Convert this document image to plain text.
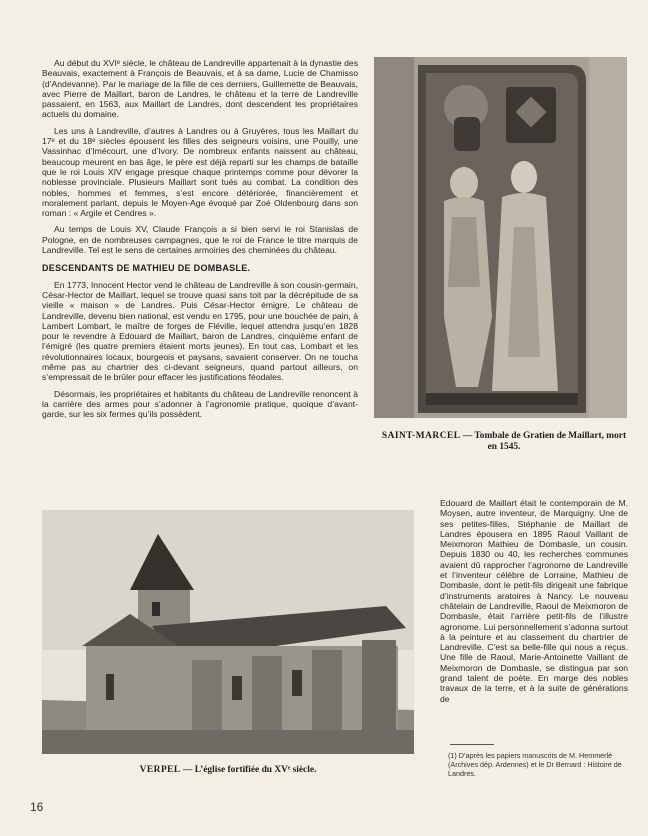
Au début du XVIᵉ siècle, le château de Landreville appartenait à la dynastie des Beauvais, exactement à François de Beauvais, et à sa dame, Lucie de Chamisso (d’Andevanne). Par le mariage de la fille de ces derniers, Guillemette de Beauvais, avec Pierre de Maillart, baron de Landres, le château et la terre de Landreville passaient, en 1563, aux Maillart de Landres, dont descendent les propriétaires actuels du domaine.

Les uns à Landreville, d’autres à Landres ou à Gruyères, tous les Maillart du 17ᵉ et du 18ᵉ siècles épousent les filles des seigneurs voisins, une Pouilly, une Vassinhac d’Imécourt, une d’Ivory. De nombreux enfants naissent au château, beaucoup meurent en bas âge, le père est déjà reparti sur les champs de bataille que le roi Louis XIV engage presque chaque printemps comme pour dévorer la noblesse provinciale. Plusieurs Maillart sont tués au combat. La condition des nobles, hommes et femmes, s’est encore détériorée, financièrement et moralement parlant, depuis le Moyen-Age évoqué par Zoé Oldenbourg dans son roman : « Argile et Cendres ».

Au temps de Louis XV, Claude François a si bien servi le roi Stanislas de Pologne, en de nombreuses campagnes, que le roi de France le titre marquis de Landreville. Tel est le sens de certaines armoiries des cheminées du château.

DESCENDANTS DE MATHIEU DE DOMBASLE.

En 1773, Innocent Hector vend le château de Landreville à son cousin-germain, César-Hector de Maillart, lequel se trouve quasi sans toit par la décrépitude de sa vieille « maison » de Landres. Puis César-Hector émigre. Le château de Landreville, devenu bien national, est vendu en 1795, pour une bouchée de pain, à Lambert Lombart, le maître de forges de Fléville, lequel attendra jusqu’en 1828 pour le revendre à Edouard de Maillart, baron de Landres, cinquième enfant de l’émigré (les quatre premiers étaient morts jeunes). En tout cas, Lombart et les révolutionnaires locaux, bourgeois et paysans, savaient conserver. On ne toucha même pas au chartrier des ci-devant seigneurs, quand partout ailleurs, on s’empressait de le brûler pour effacer les justifications féodales.

Désormais, les propriétaires et habitants du château de Landreville renoncent à la carrière des armes pour s’adonner à l’agronomie pratique, quoique d’avant-garde, sur les six fermes qu’ils possèdent.

SAINT-MARCEL — Tombale de Gratien de Maillart, mort en 1545.
VERPEL — L’église fortifiée du XVᵉ siècle.

Edouard de Maillart était le contemporain de M. Moysen, autre inventeur, de Marquigny. Une de ses petites-filles, Stéphanie de Maillart de Landres épousera en 1895 Raoul Vaillant de Meixmoron Mathieu de Dombasle, un cousin. Depuis 1830 ou 40, les recherches communes avaient dû rapprocher l’agronome de Landreville et l’inventeur célèbre de Lorraine, Mathieu de Dombasle, dont le petit-fils dirigeait une fabrique d’instruments aratoires à Nancy. Le nouveau châtelain de Landreville, Raoul de Meixmoron de Dombasle, était l’arrière petit-fils de l’illustre agronome. Lui personnellement s’adonna surtout à la peinture et au classement du chartrier de Landreville. C’est sa belle-fille qui nous a reçus. Une fille de Raoul, Marie-Antoinette Vaillant de Meixmoron de Dombasle, se distingua par son grand talent de poète. En marge des nobles travaux de la terre, et à la suite de générations de

(1) D’après les papiers manuscrits de M. Hemmerlé (Archives dép. Ardennes) et le Dr Bernard : Histoire de Landres.
16
